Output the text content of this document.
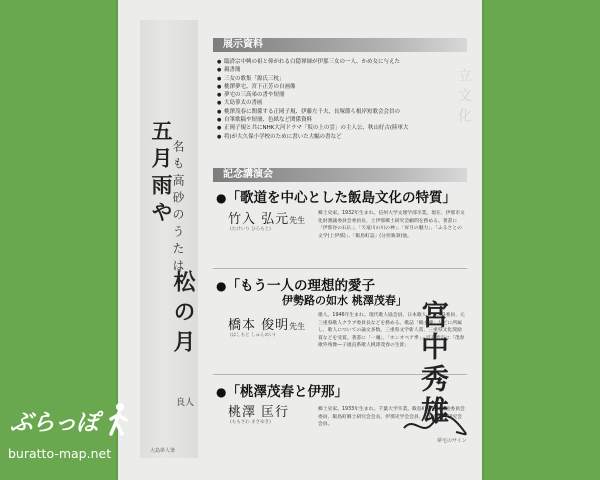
五月雨や
名も高砂のうたは
松の月
良人
大島夢人筆
立文化
展示資料
● 臨済宗中興の祖と仰がれる白隠禅師が伊那三女の一人、かめ女に与えた
● 親書簡
● 三女の歌集「源氏三枕」
● 桃澤夢宅、宮下正芳の自画像
● 夢宅の三高弟の書や短冊
● 大島蓼太の書画
● 桃澤茂春に関係する正岡子規、伊藤左千夫、長塚節ら根岸短歌会会員の
● 自筆歌稿や短冊、色紙など関係資料
● 正岡子規と共にNHK大河ドラマ「坂の上の雲」の主人公、秋山好古(陸軍大
● 将)が大久保小学校のために書いた大幅の書など
記念講演会
●「歌道を中心とした飯島文化の特質」
竹入 弘元先生
(たけいり ひろもと)

郷土史家。1932年生まれ。信州大学文理学部卒業。現在、伊那市文化財審議委員会委員長、上伊那郷土研究会顧問を務める。著書に「伊那谷の石仏」、「天竜川の川の神」、「昇月の魅力」、「ふるさとの文学(上伊那)」、「飯島町誌」(分担執筆)他。

●「もう一人の理想的愛子
伊勢路の如水 桃澤茂春」
橋本 俊明先生
(はしもと しゅんめい)

歌人。1946年生まれ。現代歌人協会員、日本歌人クラブ県委員、元三重県歌人クラブ委員長などを務める。歌誌「鶴主潮」などに所属し、歌人についての論文多数。三重県文学新人賞、三重県文化奨励賞などを受賞。著書に「一颯」、「ホンオペア季」、近刊予定に「茂春歌外残像―子規直系歌人桃澤茂春の生涯」

●「桃澤茂春と伊那」
桃澤 匡行
(ももさわ まさゆき)

郷土史家。1933年生まれ。千葉大学卒業。飯島町文化財調査委員会委員、飯島町郷土研究会会長、伊那史学会会員、上伊那郷土研究会会員。	宮中秀雄
夢宅のサイン
ぶらっぽ
buratto-map.net
